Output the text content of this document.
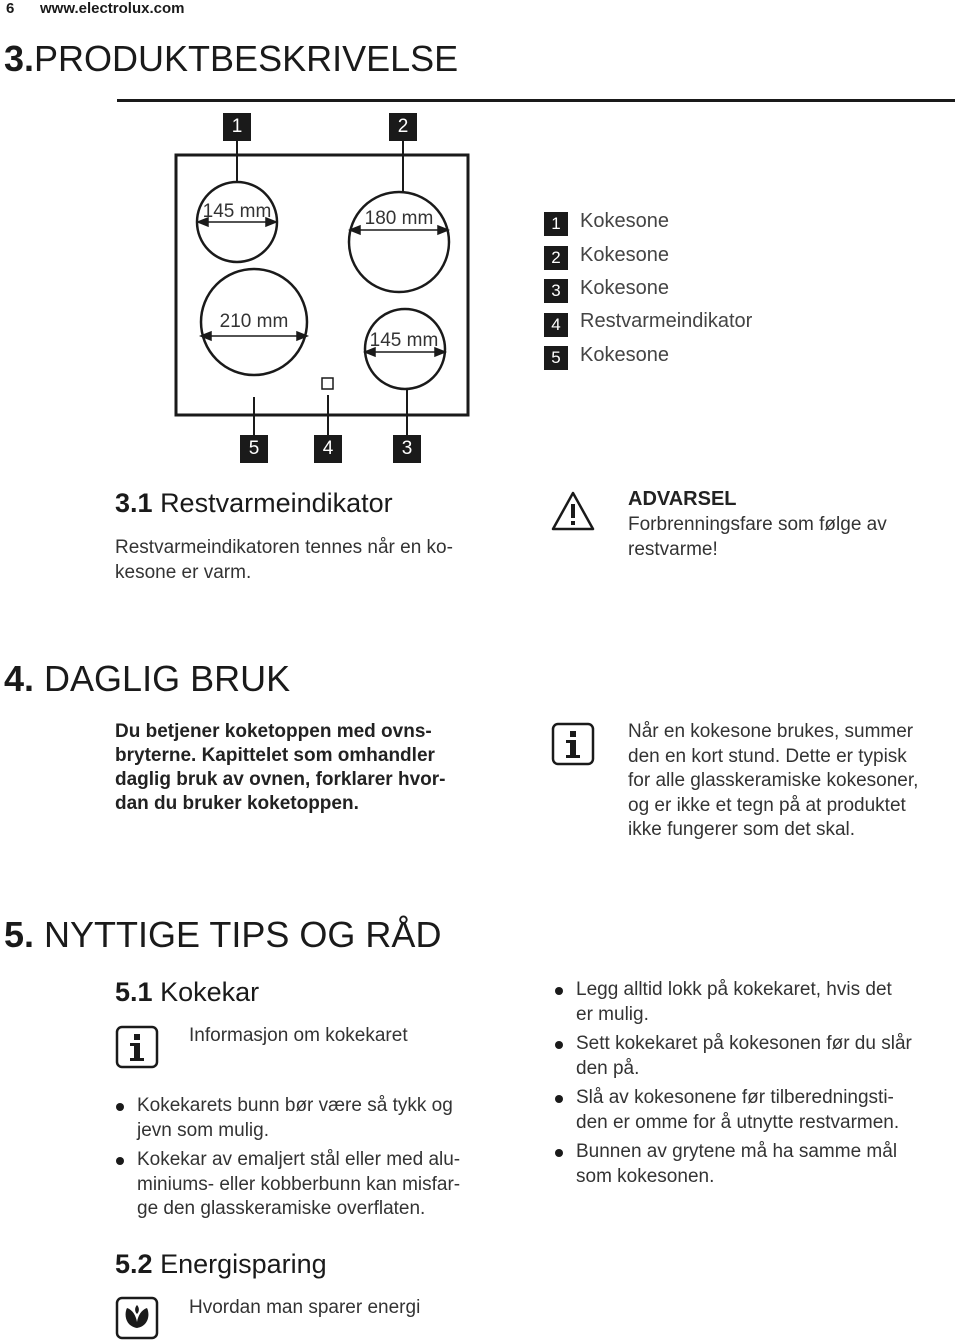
6 www.electrolux.com
3.PRODUKTBESKRIVELSE
145 mm	180 mm
210 mm
145 mm
1	2
5	4	3
1 Kokesone
2 Kokesone
3 Kokesone
4 Restvarmeindikator
5 Kokesone
3.1 Restvarmeindikator
Restvarmeindikatoren tennes når en ko-
kesone er varm.
ADVARSEL
Forbrenningsfare som følge av
restvarme!
4. DAGLIG BRUK
Du betjener koketoppen med ovns-
bryterne. Kapittelet som omhandler
daglig bruk av ovnen, forklarer hvor-
dan du bruker koketoppen.
Når en kokesone brukes, summer
den en kort stund. Dette er typisk
for alle glasskeramiske kokesoner,
og er ikke et tegn på at produktet
ikke fungerer som det skal.
5. NYTTIGE TIPS OG RÅD
5.1 Kokekar
Informasjon om kokekaret
Kokekarets bunn bør være så tykk og
jevn som mulig.
Kokekar av emaljert stål eller med alu-
miniums- eller kobberbunn kan misfar-
ge den glasskeramiske overflaten.
Legg alltid lokk på kokekaret, hvis det
er mulig.
Sett kokekaret på kokesonen før du slår
den på.
Slå av kokesonene før tilberedningsti-
den er omme for å utnytte restvarmen.
Bunnen av grytene må ha samme mål
som kokesonen.
5.2 Energisparing
Hvordan man sparer energi
